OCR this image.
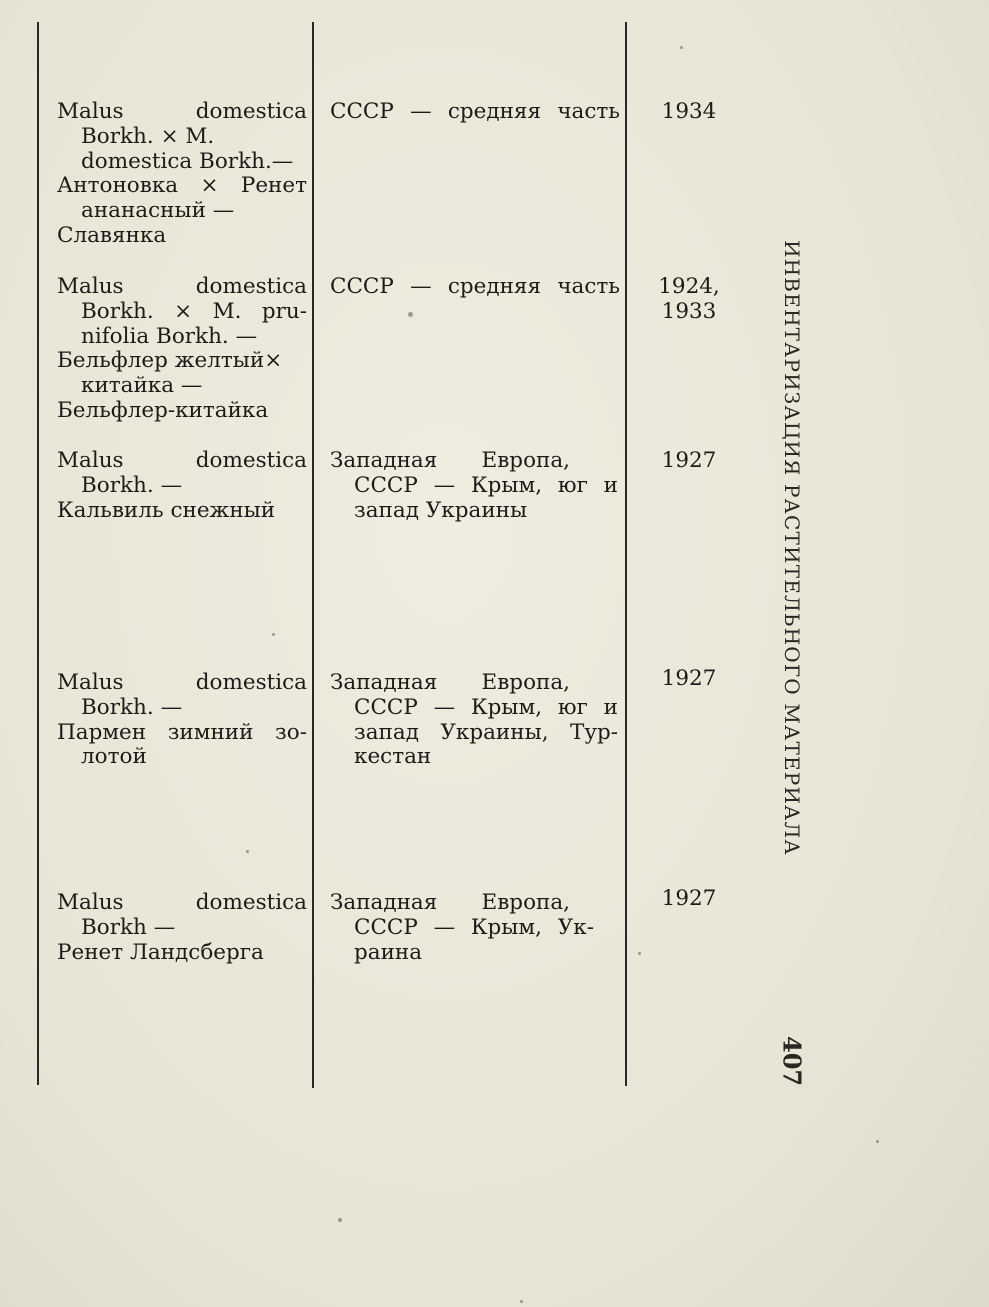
Malus domestica
Borkh. ⨯ M.
domestica Borkh.—
Антоновка ⨯ Ренет
ананасный —
Славянка
СССР — средняя часть	1934
Malus domestica
Borkh. ⨯ M. pru-
nifolia Borkh. —
Бельфлер желтый⨯
китайка —
Бельфлер-китайка
СССР — средняя часть	1924, 1933
Malus domestica
Borkh. —
Кальвиль снежный
Западная Европа,
СССР — Крым, юг и
запад Украины
1927
Malus domestica
Borkh. —
Пармен зимний зо-
лотой
Западная Европа,
СССР — Крым, юг и
запад Украины, Тур-
кестан
1927
Malus domestica
Borkh —
Ренет Ландсберга
Западная Европа,
СССР — Крым, Ук-
раина
1927
ИНВЕНТАРИЗАЦИЯ РАСТИТЕЛЬНОГО МАТЕРИАЛА
407
